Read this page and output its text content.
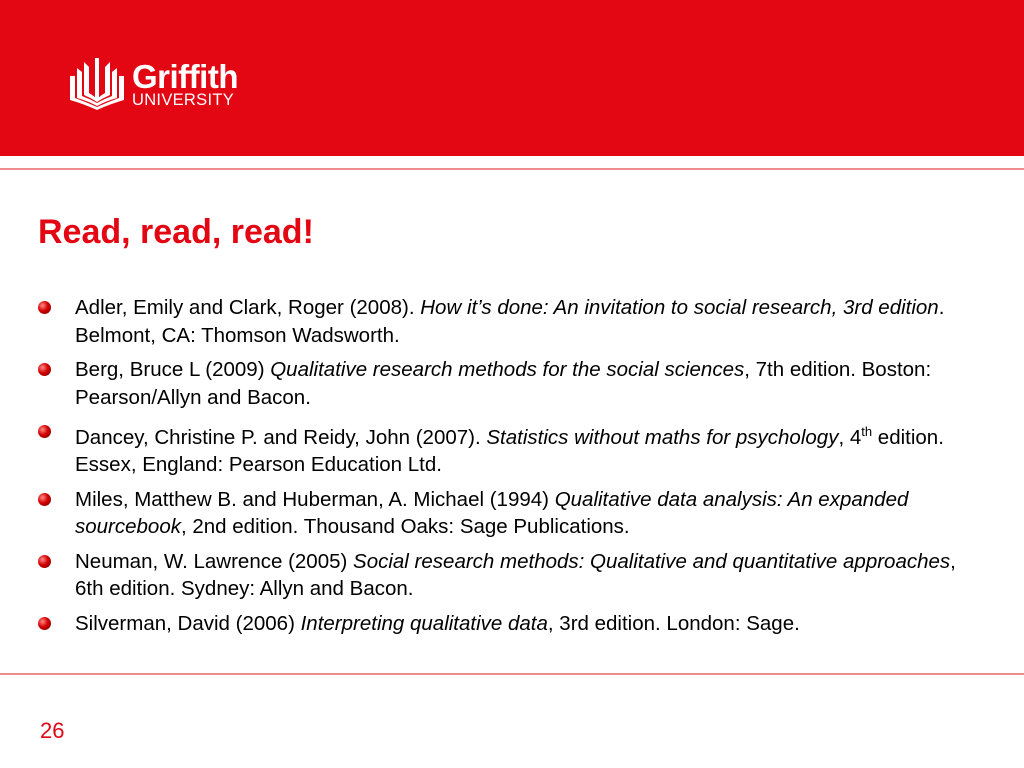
Griffith
UNIVERSITY
Read, read, read!
Adler, Emily and Clark, Roger (2008). How it’s done: An invitation to social research, 3rd edition. Belmont, CA: Thomson Wadsworth.
Berg, Bruce L (2009) Qualitative research methods for the social sciences, 7th edition. Boston: Pearson/Allyn and Bacon.
Dancey, Christine P. and Reidy, John (2007). Statistics without maths for psychology, 4th edition. Essex, England: Pearson Education Ltd.
Miles, Matthew B. and Huberman, A. Michael (1994) Qualitative data analysis: An expanded sourcebook, 2nd edition. Thousand Oaks: Sage Publications.
Neuman, W. Lawrence (2005) Social research methods: Qualitative and quantitative approaches, 6th edition. Sydney: Allyn and Bacon.
Silverman, David (2006) Interpreting qualitative data, 3rd edition. London: Sage.
26
